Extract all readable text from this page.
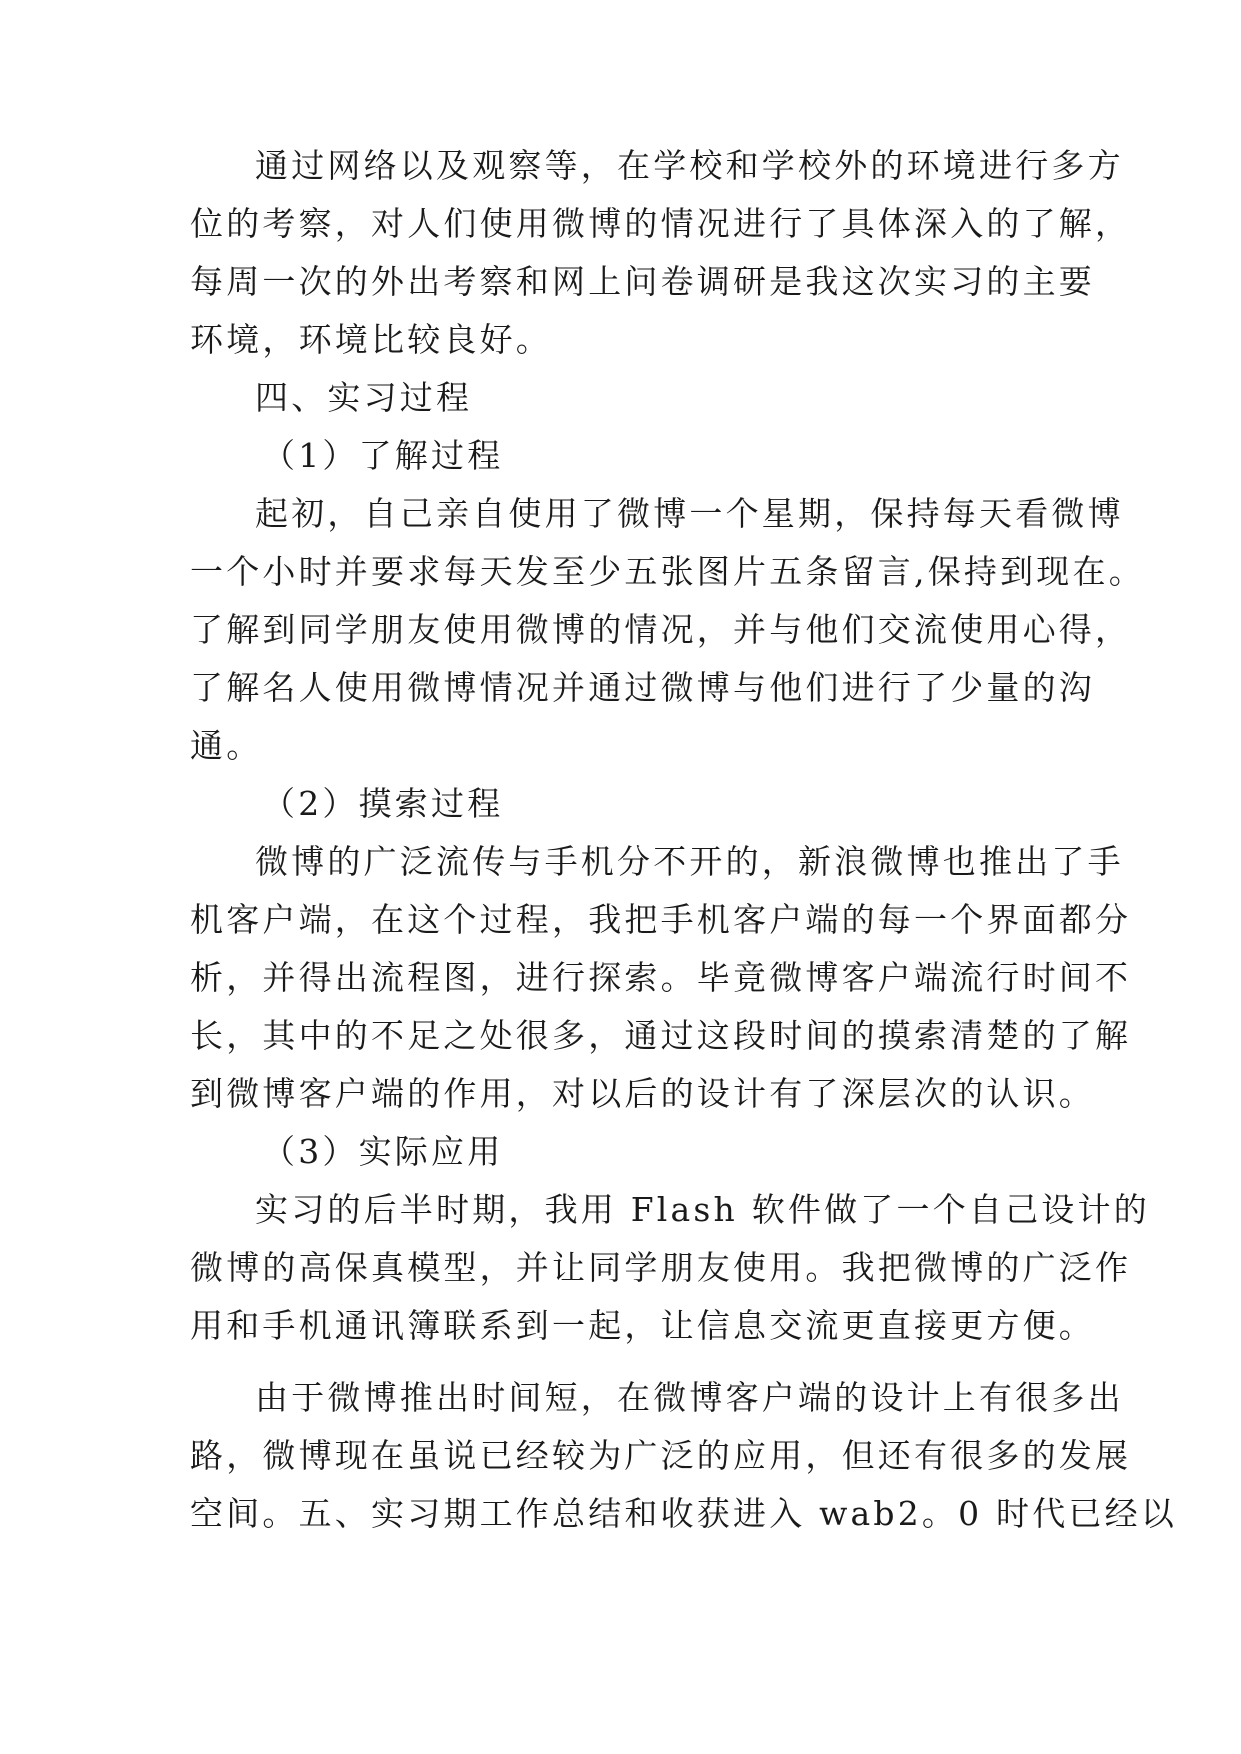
通过网络以及观察等，在学校和学校外的环境进行多方
位的考察，对人们使用微博的情况进行了具体深入的了解，
每周一次的外出考察和网上问卷调研是我这次实习的主要
环境，环境比较良好。
四、实习过程
（1）了解过程
起初，自己亲自使用了微博一个星期，保持每天看微博
一个小时并要求每天发至少五张图片五条留言,保持到现在。
了解到同学朋友使用微博的情况，并与他们交流使用心得，
了解名人使用微博情况并通过微博与他们进行了少量的沟
通。
（2）摸索过程
微博的广泛流传与手机分不开的，新浪微博也推出了手
机客户端，在这个过程，我把手机客户端的每一个界面都分
析，并得出流程图，进行探索。毕竟微博客户端流行时间不
长，其中的不足之处很多，通过这段时间的摸索清楚的了解
到微博客户端的作用，对以后的设计有了深层次的认识。
（3）实际应用
实习的后半时期，我用 Flash 软件做了一个自己设计的
微博的高保真模型，并让同学朋友使用。我把微博的广泛作
用和手机通讯簿联系到一起，让信息交流更直接更方便。
由于微博推出时间短，在微博客户端的设计上有很多出
路，微博现在虽说已经较为广泛的应用，但还有很多的发展
空间。五、实习期工作总结和收获进入 wab2。0 时代已经以
